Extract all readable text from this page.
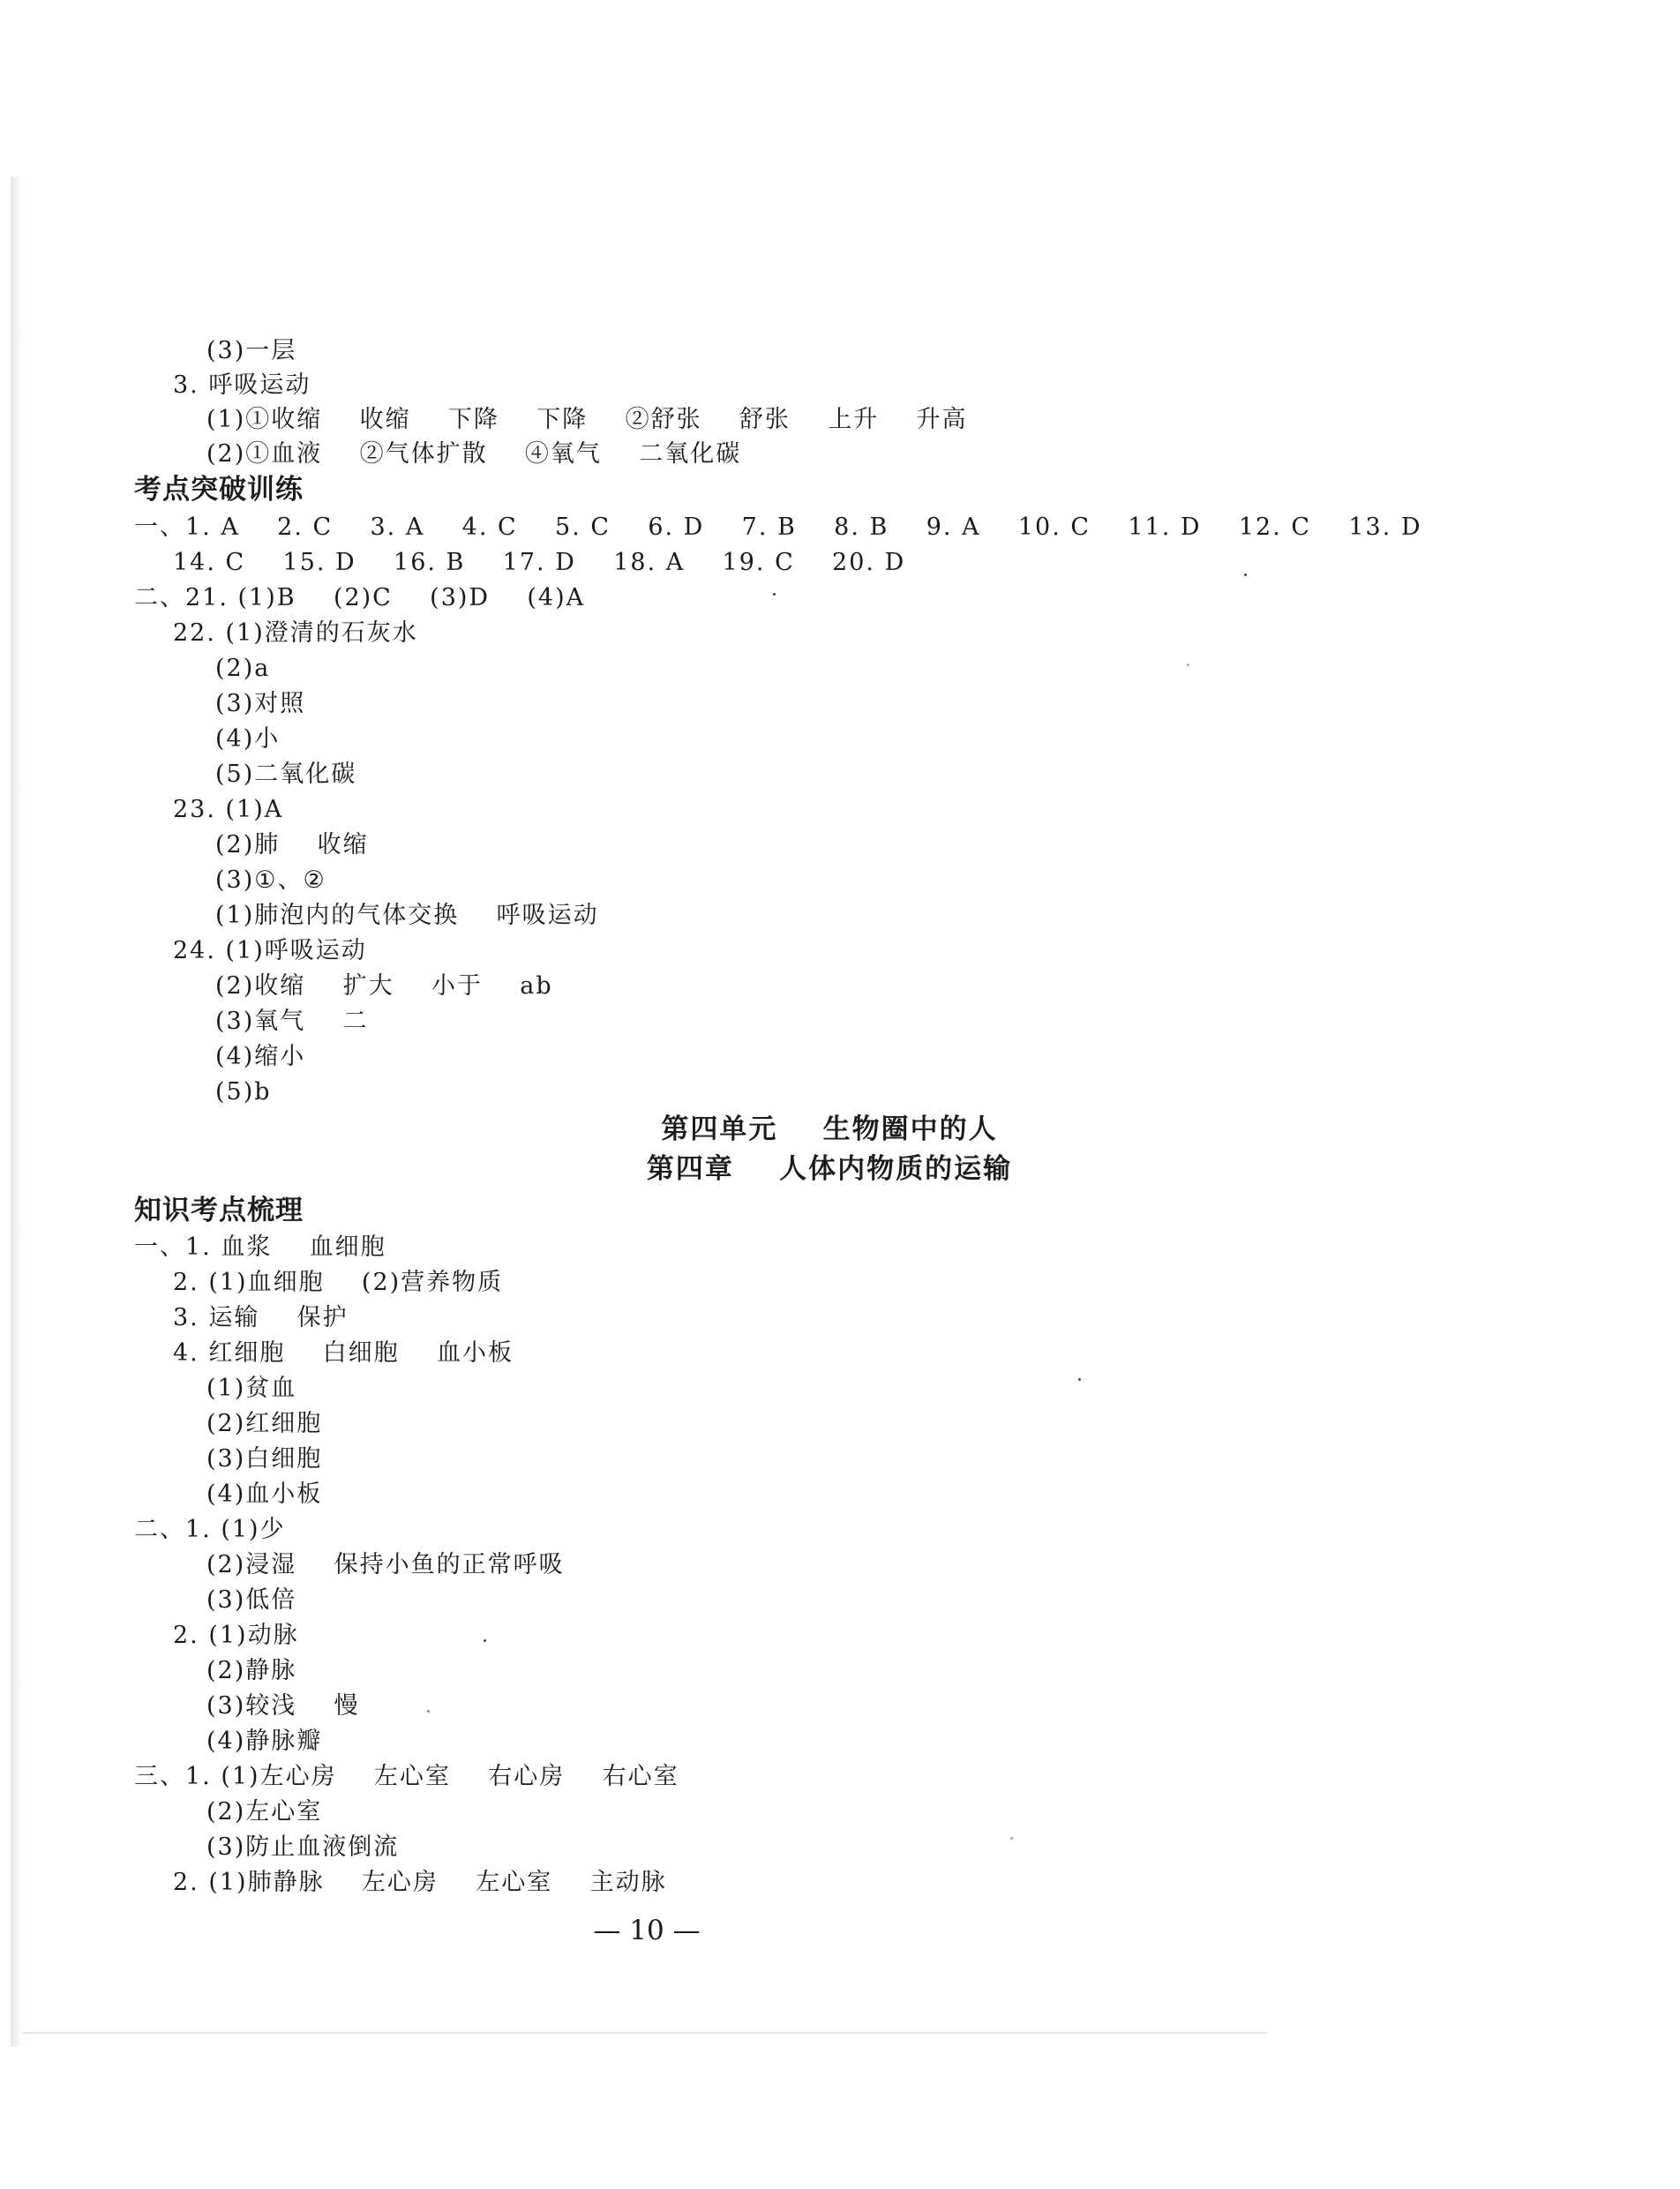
(3)一层
3. 呼吸运动
(1)①收缩    收缩    下降    下降    ②舒张    舒张    上升    升高
(2)①血液    ②气体扩散    ④氧气    二氧化碳
考点突破训练
一、1. A    2. C    3. A    4. C    5. C    6. D    7. B    8. B    9. A    10. C    11. D    12. C    13. D
14. C    15. D    16. B    17. D    18. A    19. C    20. D
二、21. (1)B    (2)C    (3)D    (4)A
22. (1)澄清的石灰水
(2)a
(3)对照
(4)小
(5)二氧化碳
23. (1)A
(2)肺    收缩
(3)①、②
(1)肺泡内的气体交换    呼吸运动
24. (1)呼吸运动
(2)收缩    扩大    小于    ab
(3)氧气    二
(4)缩小
(5)b
第四单元    生物圈中的人
第四章    人体内物质的运输
知识考点梳理
一、1. 血浆    血细胞
2. (1)血细胞    (2)营养物质
3. 运输    保护
4. 红细胞    白细胞    血小板
(1)贫血
(2)红细胞
(3)白细胞
(4)血小板
二、1. (1)少
(2)浸湿    保持小鱼的正常呼吸
(3)低倍
2. (1)动脉
(2)静脉
(3)较浅    慢
(4)静脉瓣
三、1. (1)左心房    左心室    右心房    右心室
(2)左心室
(3)防止血液倒流
2. (1)肺静脉    左心房    左心室    主动脉
— 10 —
